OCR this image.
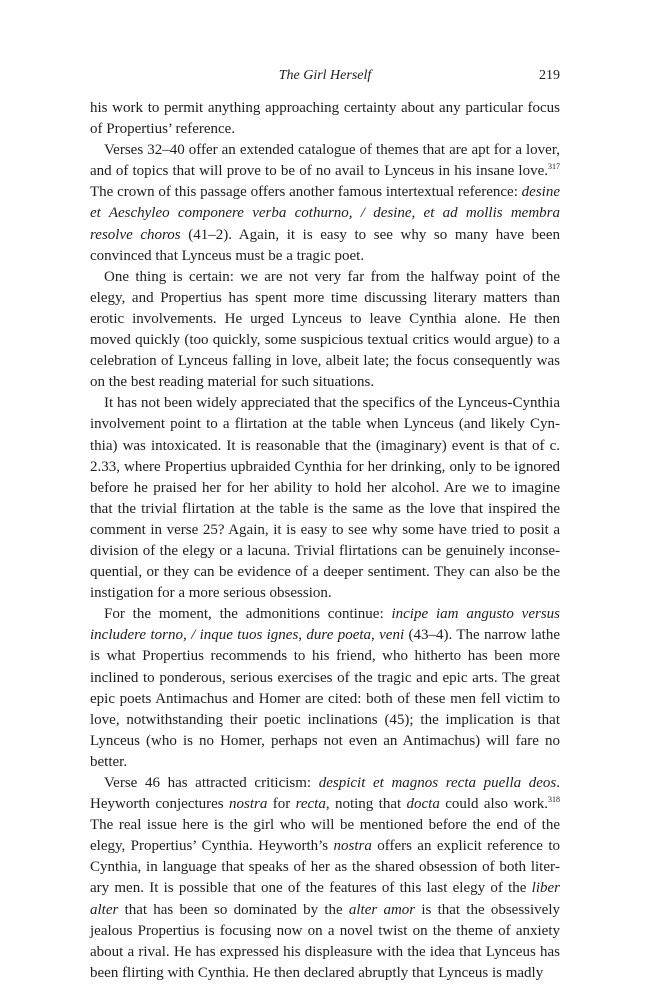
The Girl Herself	219

his work to permit anything approaching certainty about any particular focus of Propertius’ reference.

Verses 32–40 offer an extended catalogue of themes that are apt for a lover, and of topics that will prove to be of no avail to Lynceus in his insane love.$^{317}$ The crown of this passage offers another famous intertextual reference: desine et Aeschyleo componere verba cothurno, / desine, et ad mollis membra resolve choros (41–2). Again, it is easy to see why so many have been convinced that Lynceus must be a tragic poet.

One thing is certain: we are not very far from the halfway point of the elegy, and Propertius has spent more time discussing literary matters than erotic involvements. He urged Lynceus to leave Cynthia alone. He then moved quickly (too quickly, some suspicious textual critics would argue) to a celebration of Lynceus falling in love, albeit late; the focus consequently was on the best reading material for such situations.

It has not been widely appreciated that the specifics of the Lynceus-Cynthia involvement point to a flirtation at the table when Lynceus (and likely Cynthia) was intoxicated. It is reasonable that the (imaginary) event is that of c. 2.33, where Propertius upbraided Cynthia for her drinking, only to be ignored before he praised her for her ability to hold her alcohol. Are we to imagine that the trivial flirtation at the table is the same as the love that inspired the comment in verse 25? Again, it is easy to see why some have tried to posit a division of the elegy or a lacuna. Trivial flirtations can be genuinely inconsequential, or they can be evidence of a deeper sentiment. They can also be the instigation for a more serious obsession.

For the moment, the admonitions continue: incipe iam angusto versus includere torno, / inque tuos ignes, dure poeta, veni (43–4). The narrow lathe is what Propertius recommends to his friend, who hitherto has been more inclined to ponderous, serious exercises of the tragic and epic arts. The great epic poets Antimachus and Homer are cited: both of these men fell victim to love, notwithstanding their poetic inclinations (45); the implication is that Lynceus (who is no Homer, perhaps not even an Antimachus) will fare no better.

Verse 46 has attracted criticism: despicit et magnos recta puella deos. Heyworth conjectures nostra for recta, noting that docta could also work.$^{318}$ The real issue here is the girl who will be mentioned before the end of the elegy, Propertius’ Cynthia. Heyworth’s nostra offers an explicit reference to Cynthia, in language that speaks of her as the shared obsession of both literary men. It is possible that one of the features of this last elegy of the liber alter that has been so dominated by the alter amor is that the obsessively jealous Propertius is focusing now on a novel twist on the theme of anxiety about a rival. He has expressed his displeasure with the idea that Lynceus has been flirting with Cynthia. He then declared abruptly that Lynceus is madly
